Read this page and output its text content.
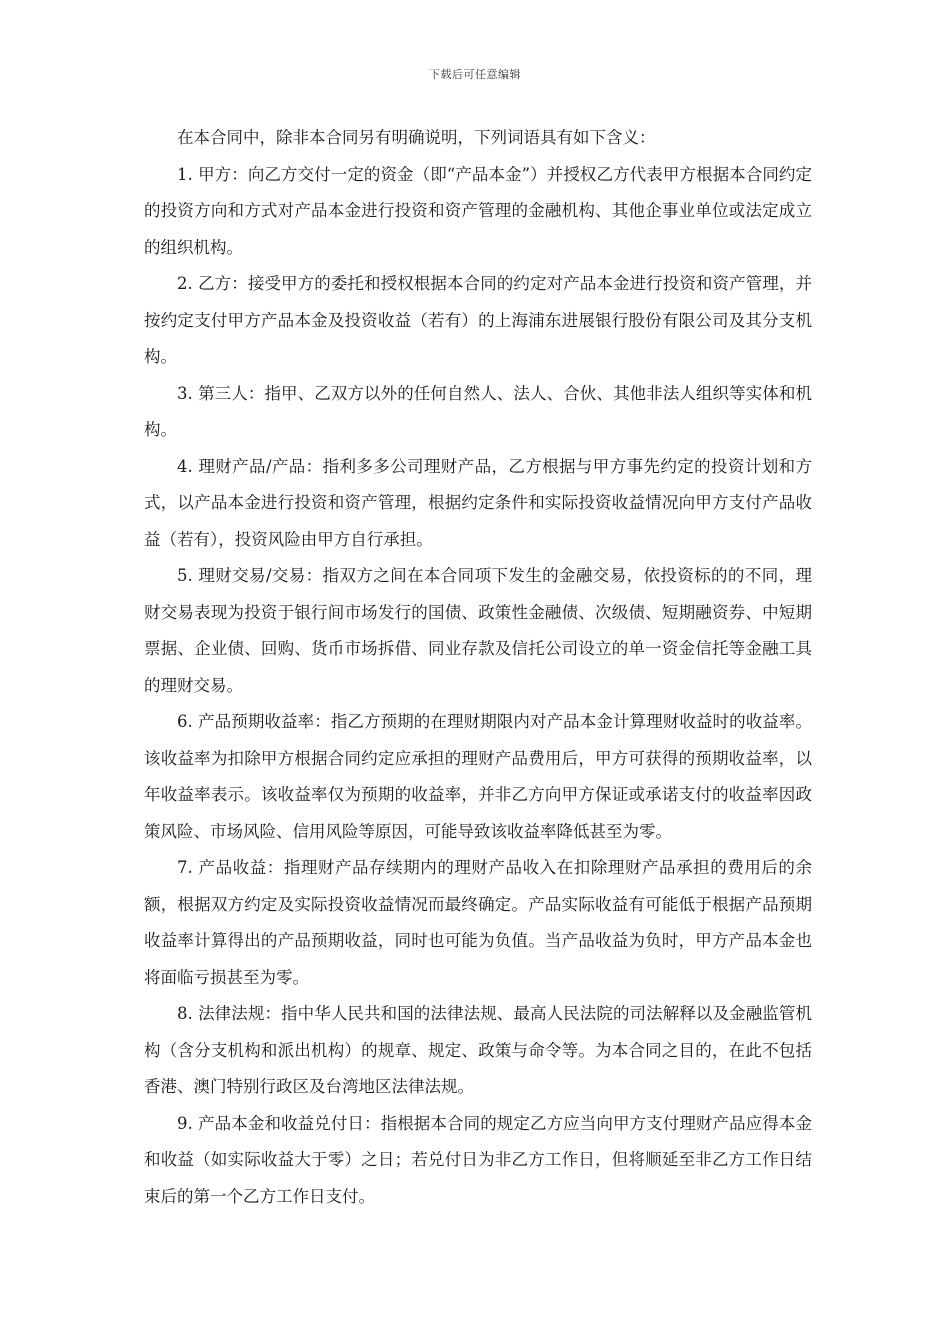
下载后可任意编辑

在本合同中，除非本合同另有明确说明，下列词语具有如下含义：

1. 甲方：向乙方交付一定的资金（即“产品本金”）并授权乙方代表甲方根据本合同约定的投资方向和方式对产品本金进行投资和资产管理的金融机构、其他企事业单位或法定成立的组织机构。

2. 乙方：接受甲方的委托和授权根据本合同的约定对产品本金进行投资和资产管理，并按约定支付甲方产品本金及投资收益（若有）的上海浦东进展银行股份有限公司及其分支机构。

3. 第三人：指甲、乙双方以外的任何自然人、法人、合伙、其他非法人组织等实体和机构。

4. 理财产品/产品：指利多多公司理财产品，乙方根据与甲方事先约定的投资计划和方式，以产品本金进行投资和资产管理，根据约定条件和实际投资收益情况向甲方支付产品收益（若有），投资风险由甲方自行承担。

5. 理财交易/交易：指双方之间在本合同项下发生的金融交易，依投资标的的不同，理财交易表现为投资于银行间市场发行的国债、政策性金融债、次级债、短期融资券、中短期票据、企业债、回购、货币市场拆借、同业存款及信托公司设立的单一资金信托等金融工具的理财交易。

6. 产品预期收益率：指乙方预期的在理财期限内对产品本金计算理财收益时的收益率。该收益率为扣除甲方根据合同约定应承担的理财产品费用后，甲方可获得的预期收益率，以年收益率表示。该收益率仅为预期的收益率，并非乙方向甲方保证或承诺支付的收益率因政策风险、市场风险、信用风险等原因，可能导致该收益率降低甚至为零。

7. 产品收益：指理财产品存续期内的理财产品收入在扣除理财产品承担的费用后的余额，根据双方约定及实际投资收益情况而最终确定。产品实际收益有可能低于根据产品预期收益率计算得出的产品预期收益，同时也可能为负值。当产品收益为负时，甲方产品本金也将面临亏损甚至为零。

8. 法律法规：指中华人民共和国的法律法规、最高人民法院的司法解释以及金融监管机构（含分支机构和派出机构）的规章、规定、政策与命令等。为本合同之目的，在此不包括香港、澳门特别行政区及台湾地区法律法规。

9. 产品本金和收益兑付日：指根据本合同的规定乙方应当向甲方支付理财产品应得本金和收益（如实际收益大于零）之日；若兑付日为非乙方工作日，但将顺延至非乙方工作日结束后的第一个乙方工作日支付。
